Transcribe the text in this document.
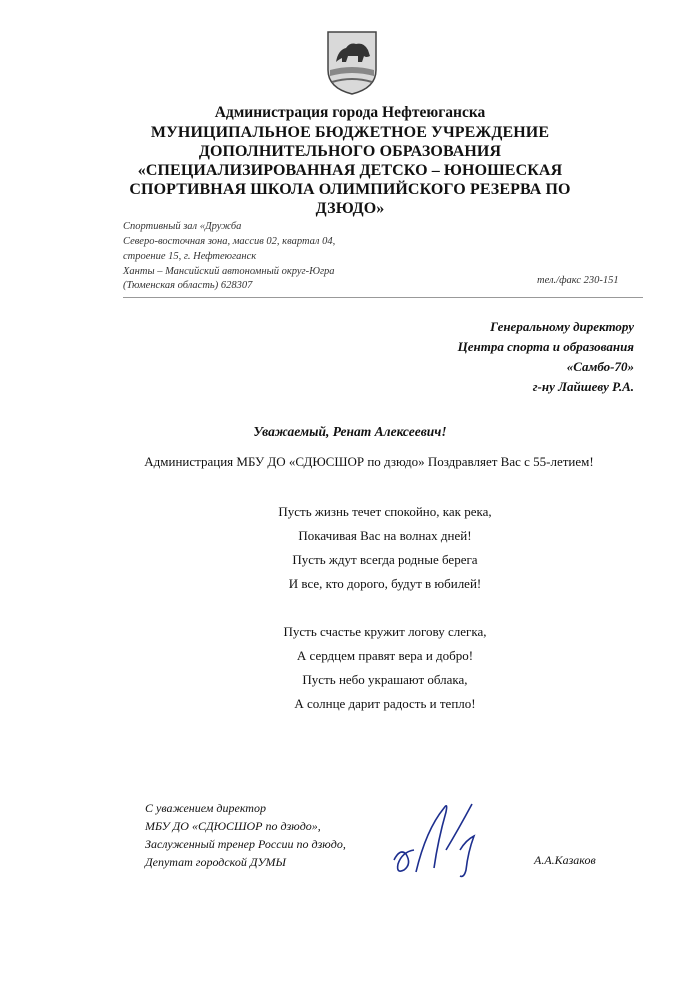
Администрация города Нефтеюганска
МУНИЦИПАЛЬНОЕ БЮДЖЕТНОЕ УЧРЕЖДЕНИЕ
ДОПОЛНИТЕЛЬНОГО ОБРАЗОВАНИЯ
«СПЕЦИАЛИЗИРОВАННАЯ ДЕТСКО – ЮНОШЕСКАЯ
СПОРТИВНАЯ ШКОЛА ОЛИМПИЙСКОГО РЕЗЕРВА ПО
ДЗЮДО»
Спортивный зал «Дружба
Северо-восточная зона, массив 02, квартал 04,
строение 15, г. Нефтеюганск
Ханты – Мансийский автономный округ-Югра
(Тюменская область) 628307	тел./факс 230-151
Генеральному директору
Центра спорта и образования
«Самбо-70»
г-ну Лайшеву Р.А.
Уважаемый, Ренат Алексеевич!
Администрация МБУ ДО «СДЮСШОР по дзюдо» Поздравляет Вас с 55-летием!
Пусть жизнь течет спокойно, как река,
Покачивая Вас на волнах дней!
Пусть ждут всегда родные берега
И все, кто дорого, будут в юбилей!
Пусть счастье кружит логову слегка,
А сердцем правят вера и добро!
Пусть небо украшают облака,
А солнце дарит радость и тепло!
С уважением директор
МБУ ДО «СДЮСШОР по дзюдо»,
Заслуженный тренер России по дзюдо,
Депутат городской ДУМЫ	А.А.Казаков
